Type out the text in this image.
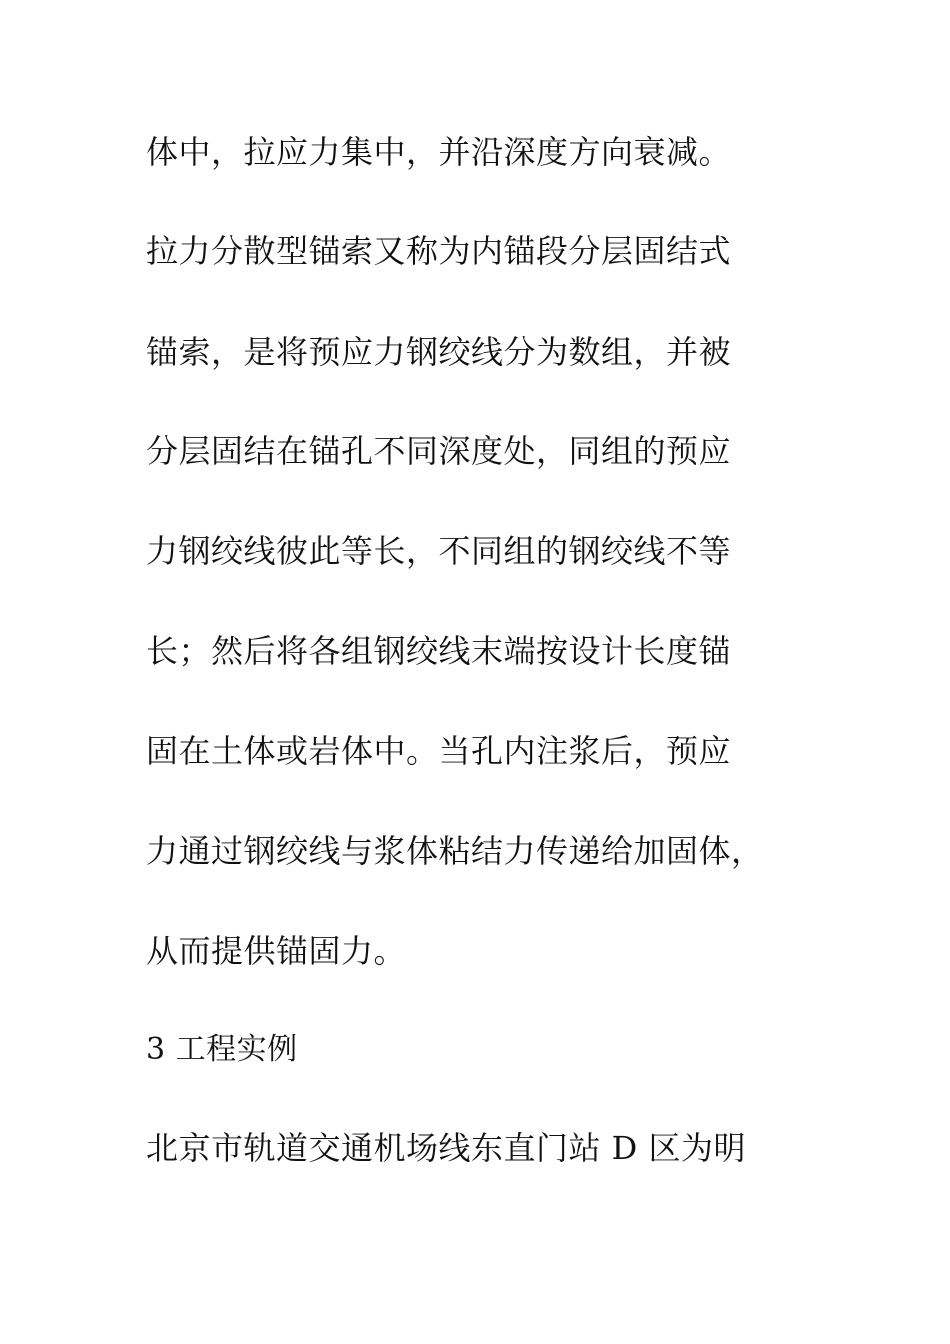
体中，拉应力集中，并沿深度方向衰减。
拉力分散型锚索又称为内锚段分层固结式
锚索，是将预应力钢绞线分为数组，并被
分层固结在锚孔不同深度处，同组的预应
力钢绞线彼此等长，不同组的钢绞线不等
长；然后将各组钢绞线末端按设计长度锚
固在土体或岩体中。当孔内注浆后，预应
力通过钢绞线与浆体粘结力传递给加固体，
从而提供锚固力。
3 工程实例
北京市轨道交通机场线东直门站 D 区为明
